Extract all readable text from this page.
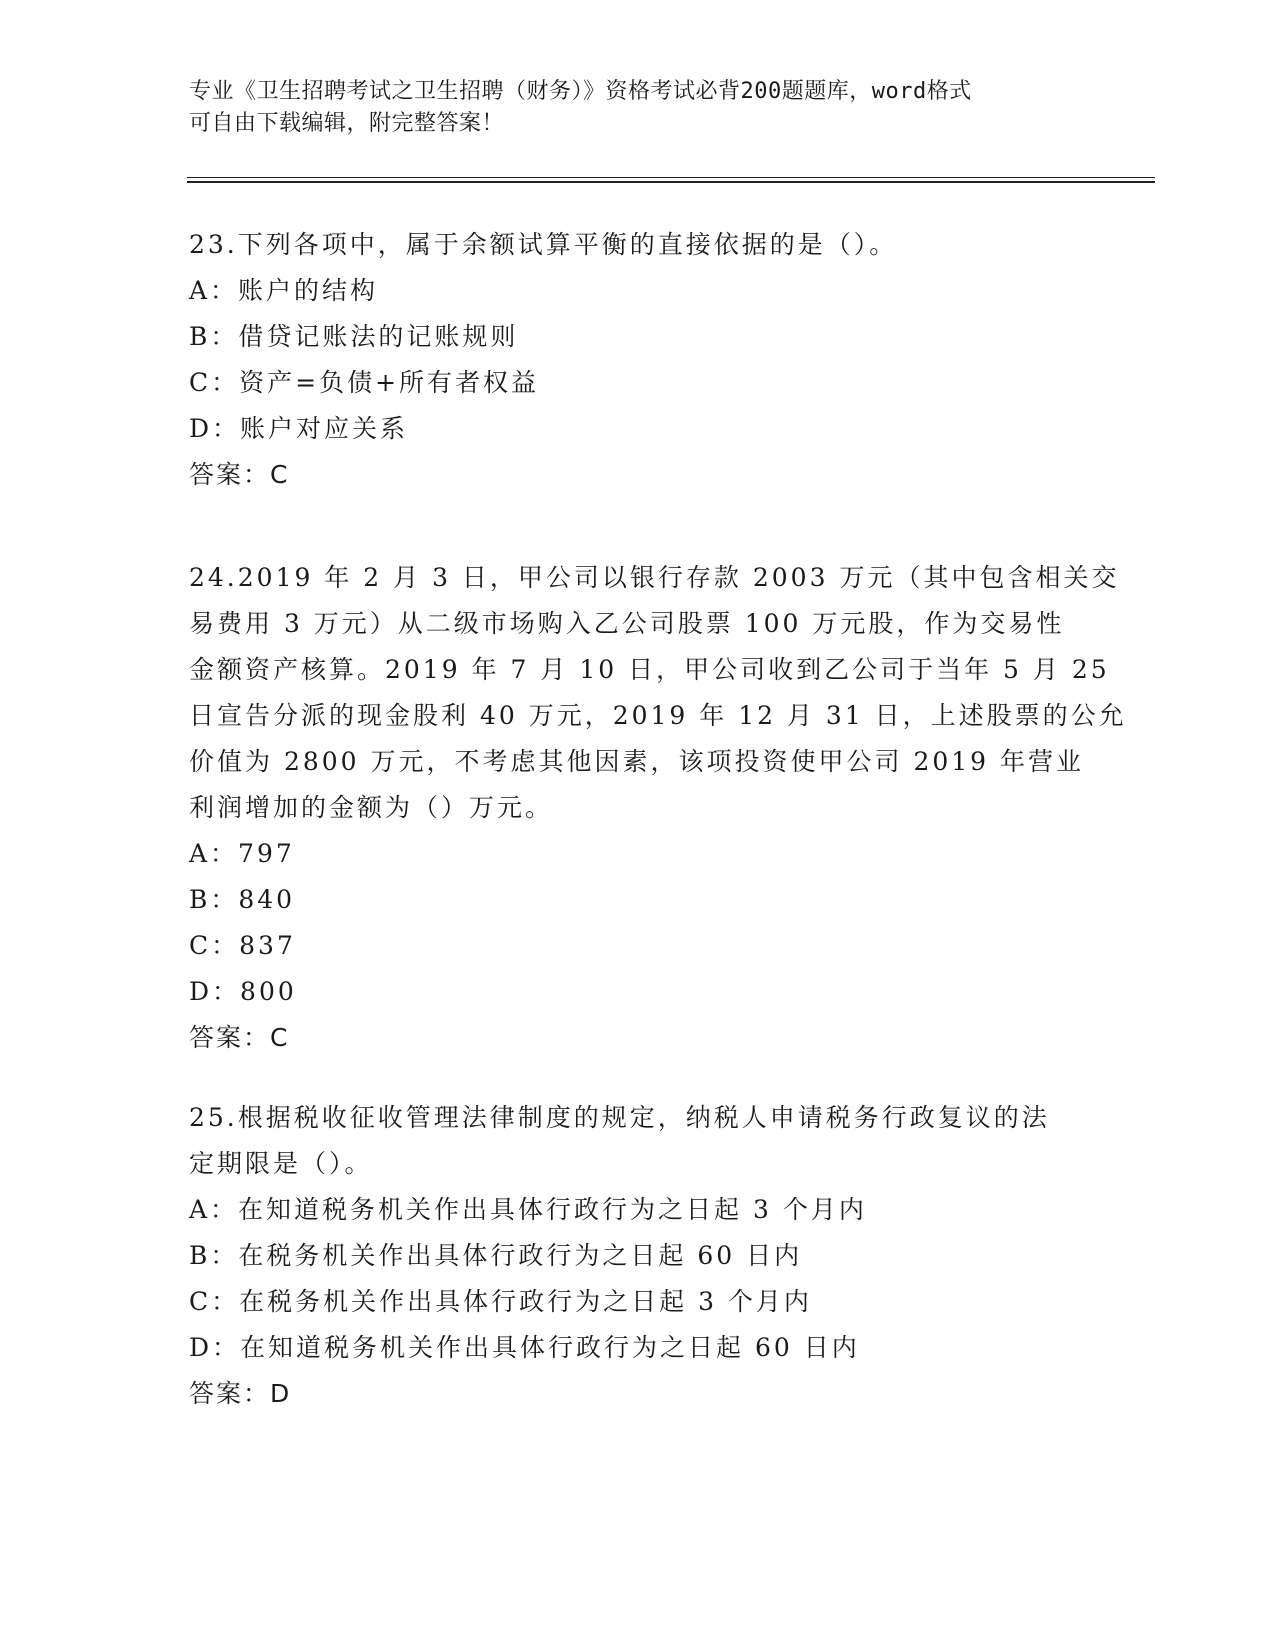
专业《卫生招聘考试之卫生招聘（财务）》资格考试必背200题题库，word格式
可自由下载编辑，附完整答案！
23.下列各项中，属于余额试算平衡的直接依据的是（）。
A：账户的结构
B：借贷记账法的记账规则
C：资产=负债+所有者权益
D：账户对应关系
答案：C
24.2019 年 2 月 3 日，甲公司以银行存款 2003 万元（其中包含相关交
易费用 3 万元）从二级市场购入乙公司股票 100 万元股，作为交易性
金额资产核算。2019 年 7 月 10 日，甲公司收到乙公司于当年 5 月 25
日宣告分派的现金股利 40 万元，2019 年 12 月 31 日，上述股票的公允
价值为 2800 万元，不考虑其他因素，该项投资使甲公司 2019 年营业
利润增加的金额为（）万元。
A：797
B：840
C：837
D：800
答案：C
25.根据税收征收管理法律制度的规定，纳税人申请税务行政复议的法
定期限是（）。
A：在知道税务机关作出具体行政行为之日起 3 个月内
B：在税务机关作出具体行政行为之日起 60 日内
C：在税务机关作出具体行政行为之日起 3 个月内
D：在知道税务机关作出具体行政行为之日起 60 日内
答案：D
